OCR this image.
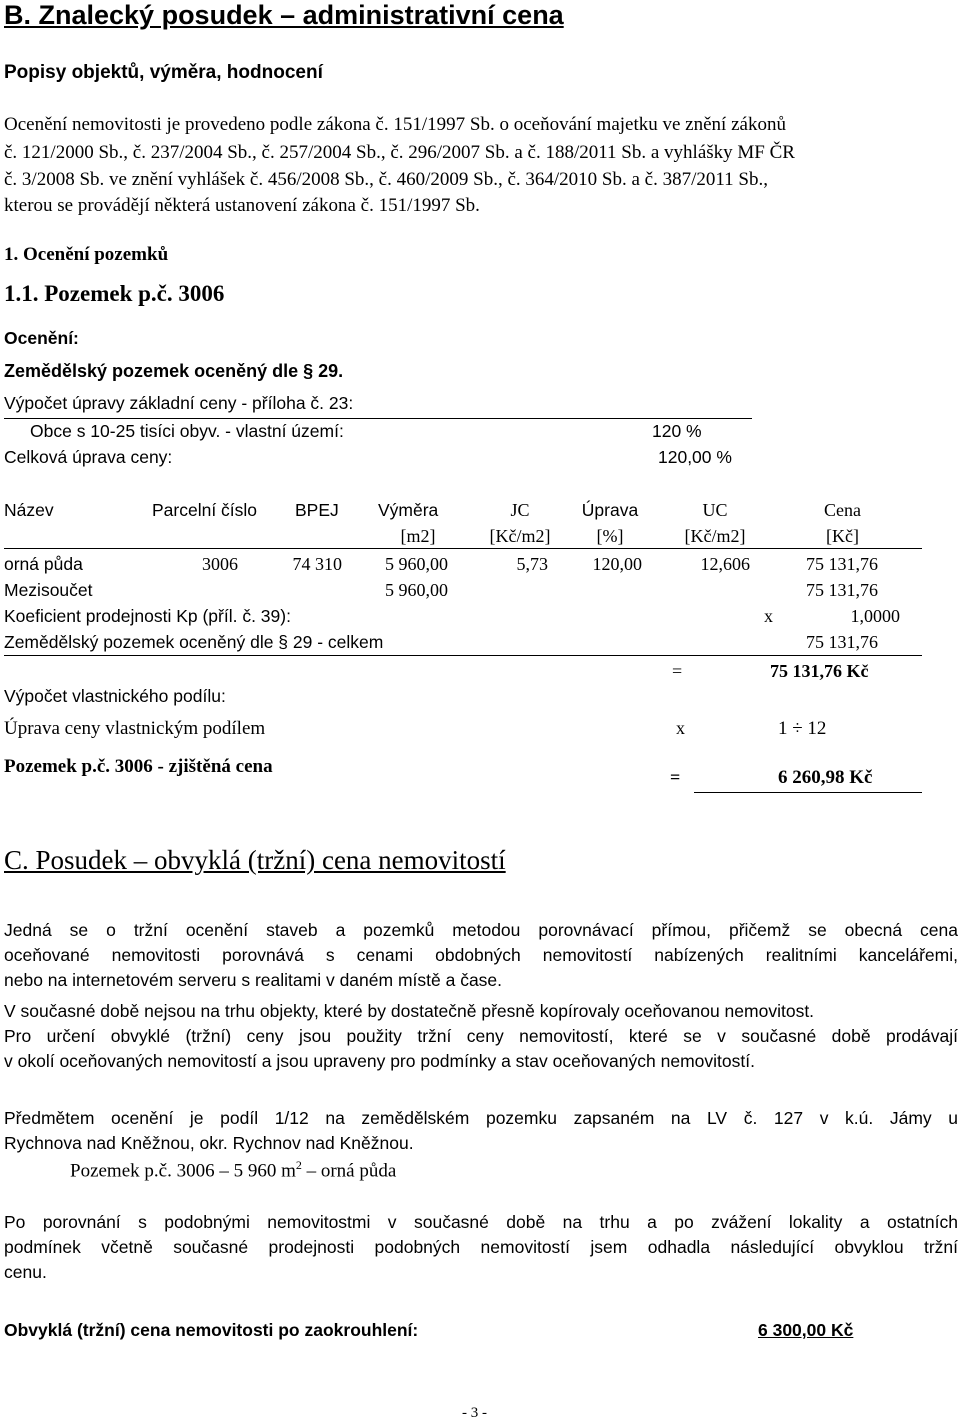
B. Znalecký posudek – administrativní cena
Popisy objektů, výměra, hodnocení
Ocenění nemovitosti je provedeno podle zákona č. 151/1997 Sb. o oceňování majetku ve znění zákonů
č. 121/2000 Sb., č. 237/2004 Sb., č. 257/2004 Sb., č. 296/2007 Sb. a č. 188/2011 Sb. a vyhlášky MF ČR
č. 3/2008 Sb. ve znění vyhlášek č. 456/2008 Sb., č. 460/2009 Sb., č. 364/2010 Sb. a č. 387/2011 Sb.,
kterou se provádějí některá ustanovení zákona č. 151/1997 Sb.
1. Ocenění pozemků
1.1. Pozemek p.č. 3006
Ocenění:
Zemědělský pozemek oceněný dle § 29.
Výpočet úpravy základní ceny - příloha č. 23:
Obce s 10-25 tisíci obyv. - vlastní území:	120 %
Celková úprava ceny:	120,00 %
Název	Parcelní číslo BPEJ Výměra	JC	Úprava	UC	Cena
[m2]	[Kč/m2]	[%]	[Kč/m2]	[Kč]
orná půda	3006	74 310	5 960,00	5,73	120,00	12,606	75 131,76
Mezisoučet	5 960,00	75 131,76
Koeficient prodejnosti Kp (příl. č. 39):	x	1,0000
Zemědělský pozemek oceněný dle § 29 - celkem	75 131,76
=	75 131,76 Kč
Výpočet vlastnického podílu:
Úprava ceny vlastnickým podílem	x	1 ÷ 12
Pozemek p.č. 3006 - zjištěná cena	=	6 260,98 Kč
C. Posudek – obvyklá (tržní) cena nemovitostí
Jedná se o tržní ocenění staveb a pozemků metodou porovnávací přímou, přičemž se obecná cena
oceňované nemovitosti porovnává s cenami obdobných nemovitostí nabízených realitními kancelářemi,
nebo na internetovém serveru s realitami v daném místě a čase.
V současné době nejsou na trhu objekty, které by dostatečně přesně kopírovaly oceňovanou nemovitost.
Pro určení obvyklé (tržní) ceny jsou použity tržní ceny nemovitostí, které se v současné době prodávají
v okolí oceňovaných nemovitostí a jsou upraveny pro podmínky a stav oceňovaných nemovitostí.
Předmětem ocenění je podíl 1/12 na zemědělském pozemku zapsaném na LV č. 127 v k.ú. Jámy u
Rychnova nad Kněžnou, okr. Rychnov nad Kněžnou.
Pozemek p.č. 3006 – 5 960 $m^2$ – orná půda
Po porovnání s podobnými nemovitostmi v současné době na trhu a po zvážení lokality a ostatních
podmínek včetně současné prodejnosti podobných nemovitostí jsem odhadla následující obvyklou tržní
cenu.
Obvyklá (tržní) cena nemovitosti po zaokrouhlení:	6 300,00 Kč
- 3 -
